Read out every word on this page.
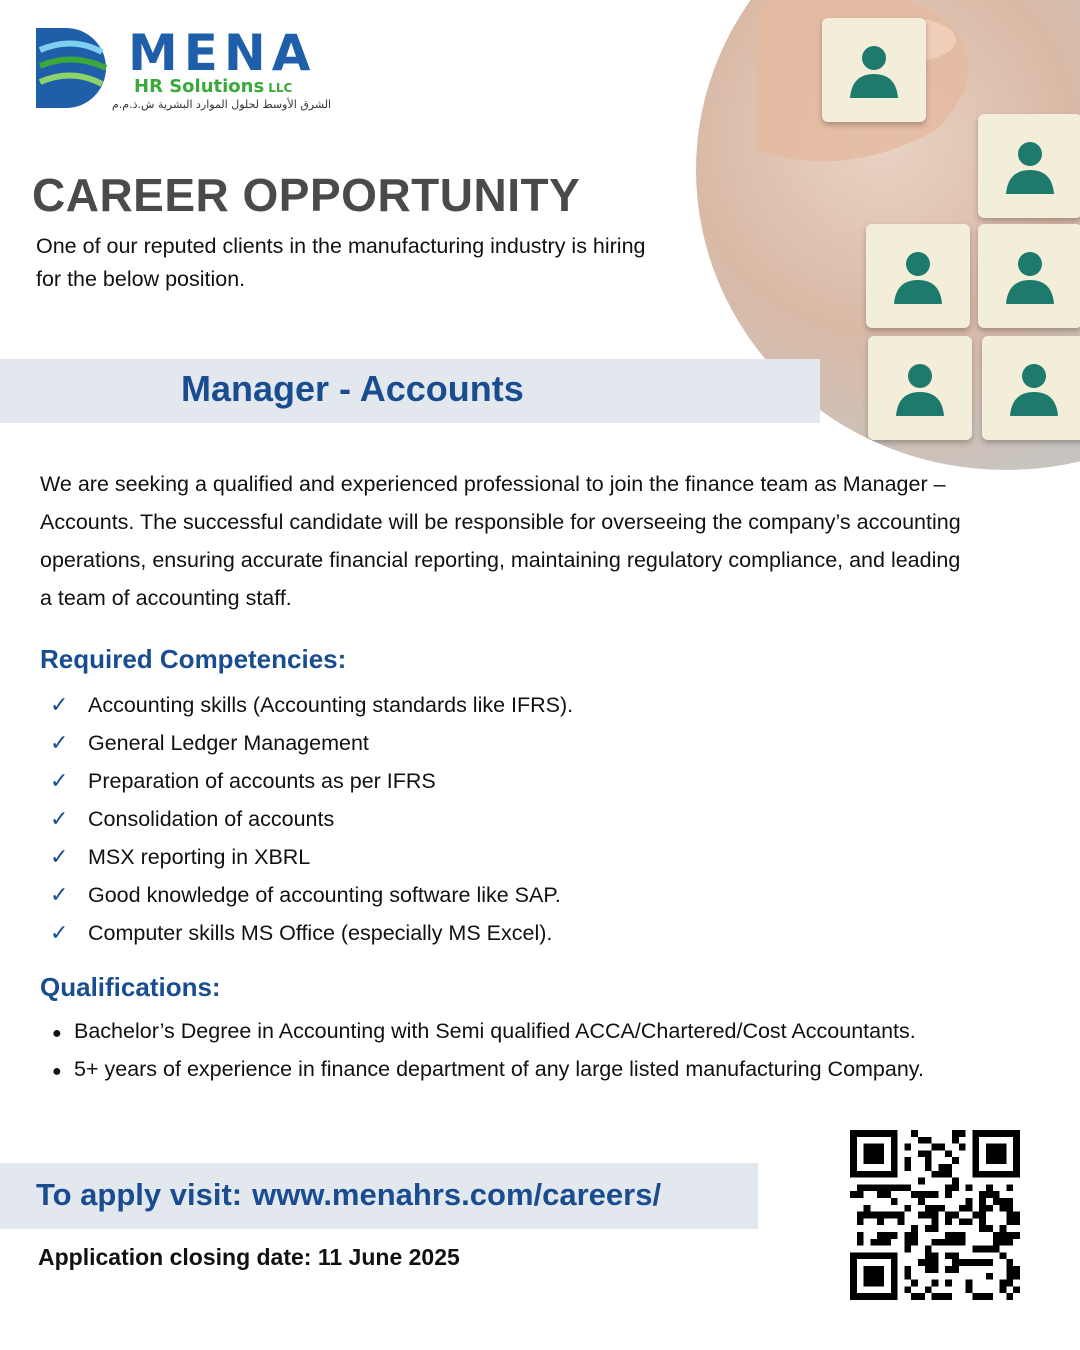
MENA
HR Solutions LLC
الشرق الأوسط لحلول الموارد البشرية ش.ذ.م.م
CAREER OPPORTUNITY
One of our reputed clients in the manufacturing industry is hiring for the below position.
Manager - Accounts
We are seeking a qualified and experienced professional to join the finance team as Manager – Accounts. The successful candidate will be responsible for overseeing the company’s accounting operations, ensuring accurate financial reporting, maintaining regulatory compliance, and leading a team of accounting staff.
Required Competencies:
✓ Accounting skills (Accounting standards like IFRS).
✓ General Ledger Management
✓ Preparation of accounts as per IFRS
✓ Consolidation of accounts
✓ MSX reporting in XBRL
✓ Good knowledge of accounting software like SAP.
✓ Computer skills MS Office (especially MS Excel).
Qualifications:
● Bachelor’s Degree in Accounting with Semi qualified ACCA/Chartered/Cost Accountants.
● 5+ years of experience in finance department of any large listed manufacturing Company.
To apply visit: www.menahrs.com/careers/
Application closing date: 11 June 2025
